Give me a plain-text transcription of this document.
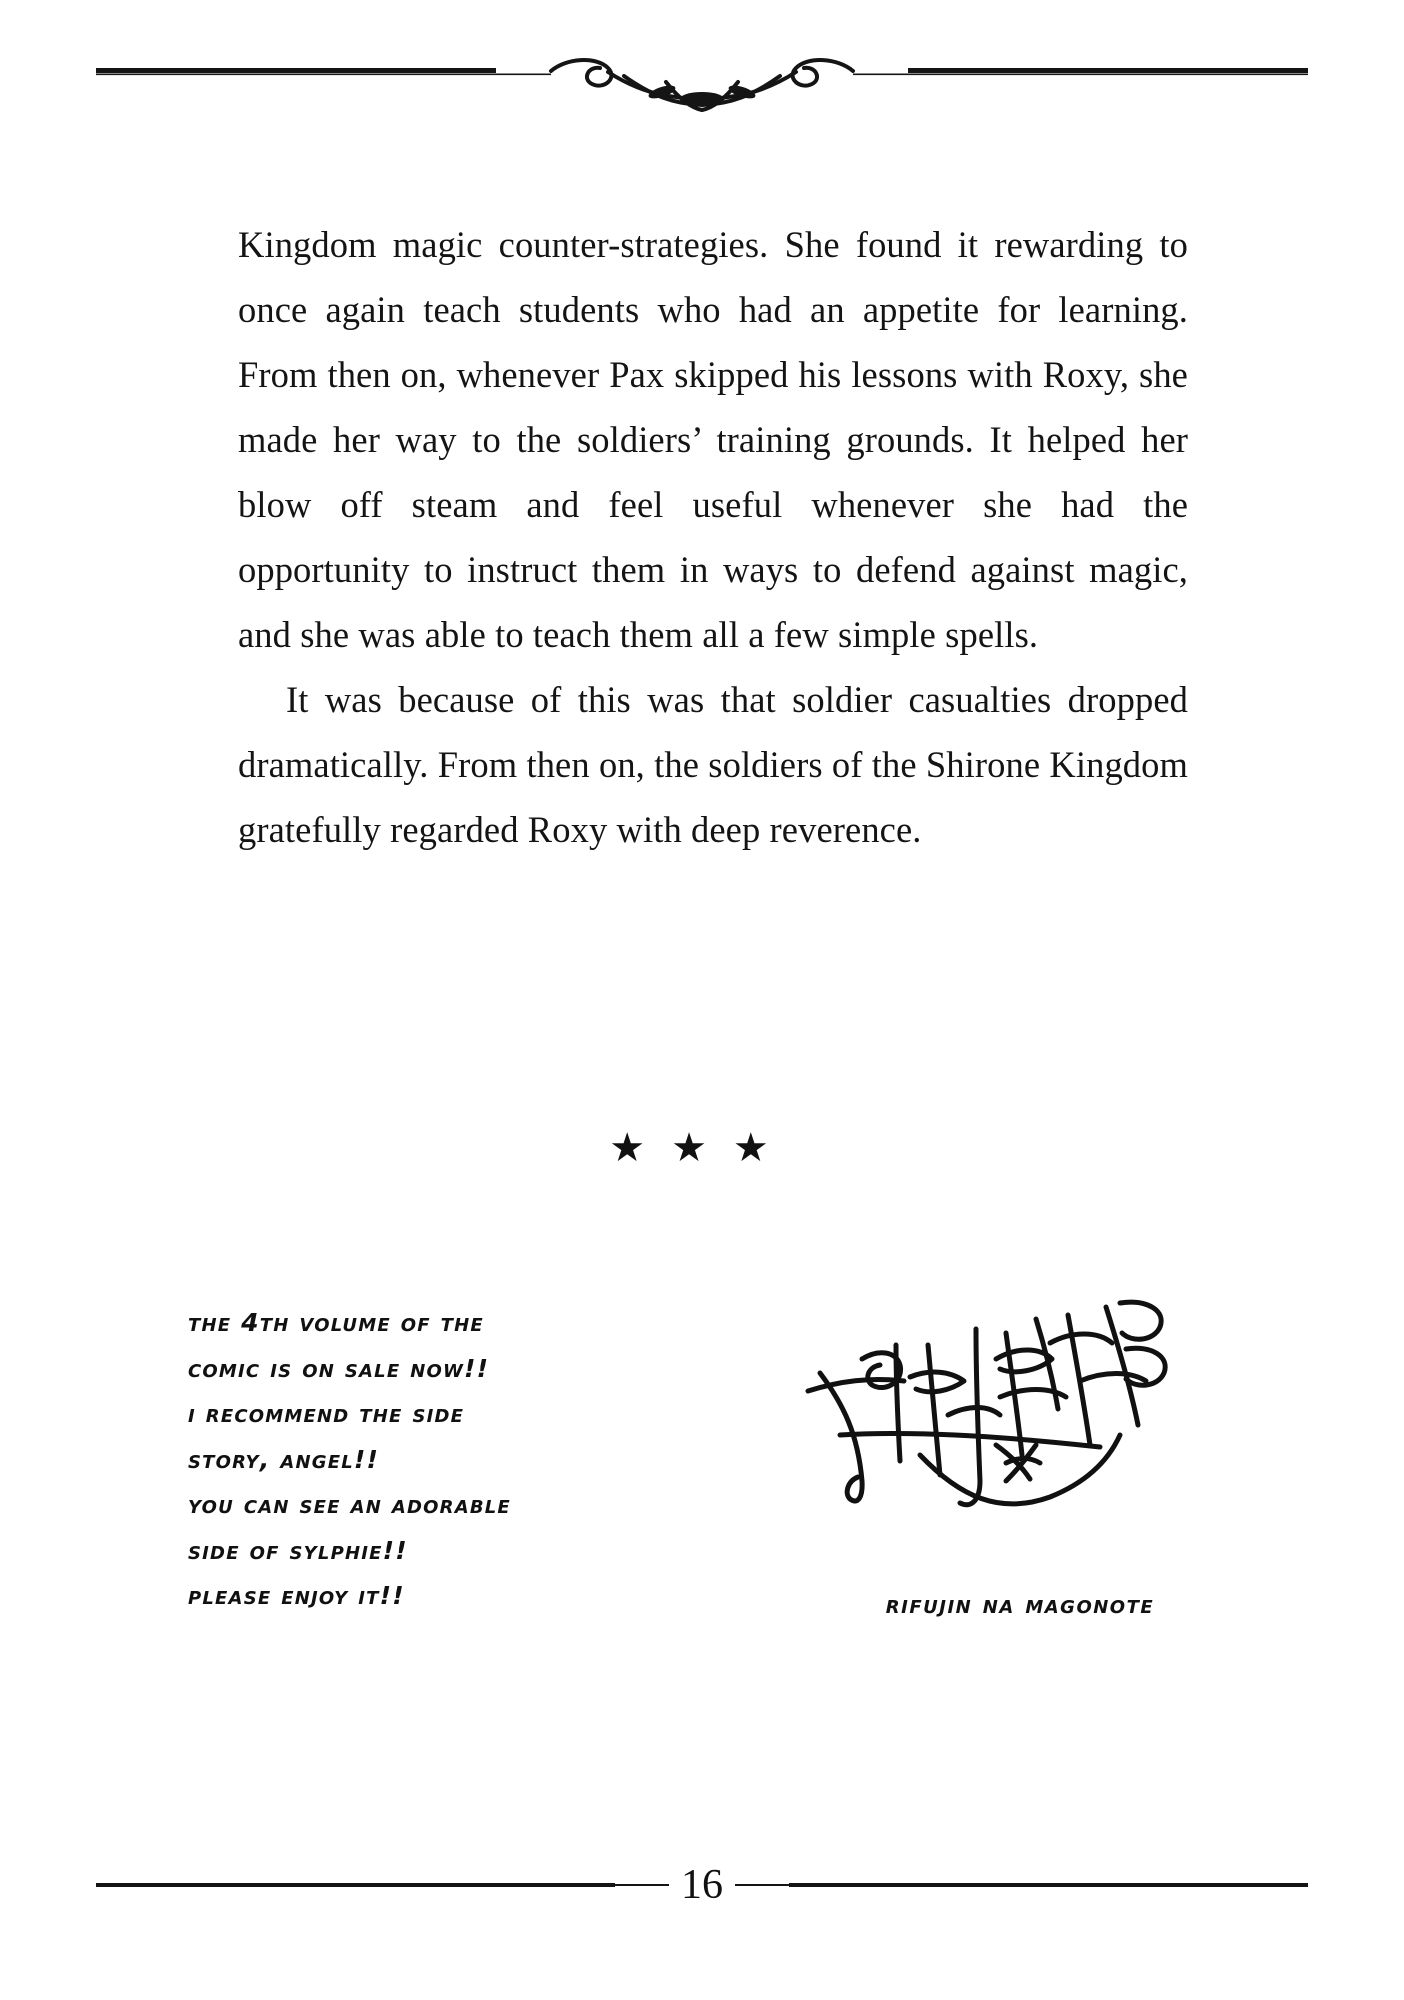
Kingdom magic counter-strategies. She found it rewarding to once again teach students who had an appetite for learning. From then on, whenever Pax skipped his lessons with Roxy, she made her way to the soldiers’ training grounds. It helped her blow off steam and feel useful whenever she had the opportunity to instruct them in ways to defend against magic, and she was able to teach them all a few simple spells.

It was because of this was that soldier casualties dropped dramatically. From then on, the soldiers of the Shirone Kingdom gratefully regarded Roxy with deep reverence.

★★★
the 4th volume of the
comic is on sale now!!
i recommend the side
story, angel!!
you can see an adorable
side of sylphie!!
please enjoy it!!	rifujin na magonote
16
